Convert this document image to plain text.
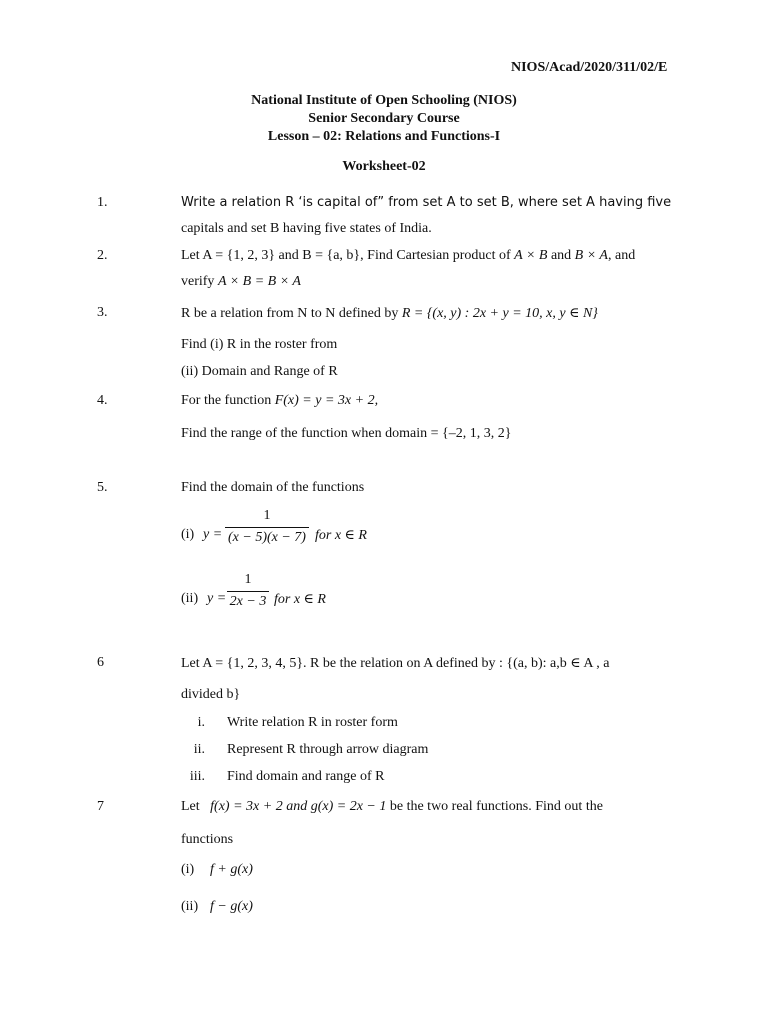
NIOS/Acad/2020/311/02/E
National Institute of Open Schooling (NIOS)
Senior Secondary Course
Lesson – 02: Relations and Functions-I
Worksheet-02
1.	Write a relation R ‘is capital of” from set A to set B, where set A having five
capitals and set B having five states of India.
2.	Let A = {1, 2, 3} and B = {a, b}, Find Cartesian product of A × B and B × A, and
verify A × B = B × A
3.	R be a relation from N to N defined by R = {(x, y) : 2x + y = 10, x, y ∈ N}
Find (i) R in the roster from
(ii) Domain and Range of R
4.	For the function F(x) = y = 3x + 2,
Find the range of the function when domain = {–2, 1, 3, 2}
5.	Find the domain of the functions
(i) y =
1
(x − 5)(x − 7) for x ∈ R
(ii) y =
1
2x − 3 for x ∈ R
6	Let A = {1, 2, 3, 4, 5}. R be the relation on A defined by : {(a, b): a,b ∈ A , a
divided b}
i. Write relation R in roster form
ii. Represent R through arrow diagram
iii. Find domain and range of R
7	Let f(x) = 3x + 2 and g(x) = 2x − 1 be the two real functions. Find out the
functions
(i) f + g(x)
(ii) f − g(x)
